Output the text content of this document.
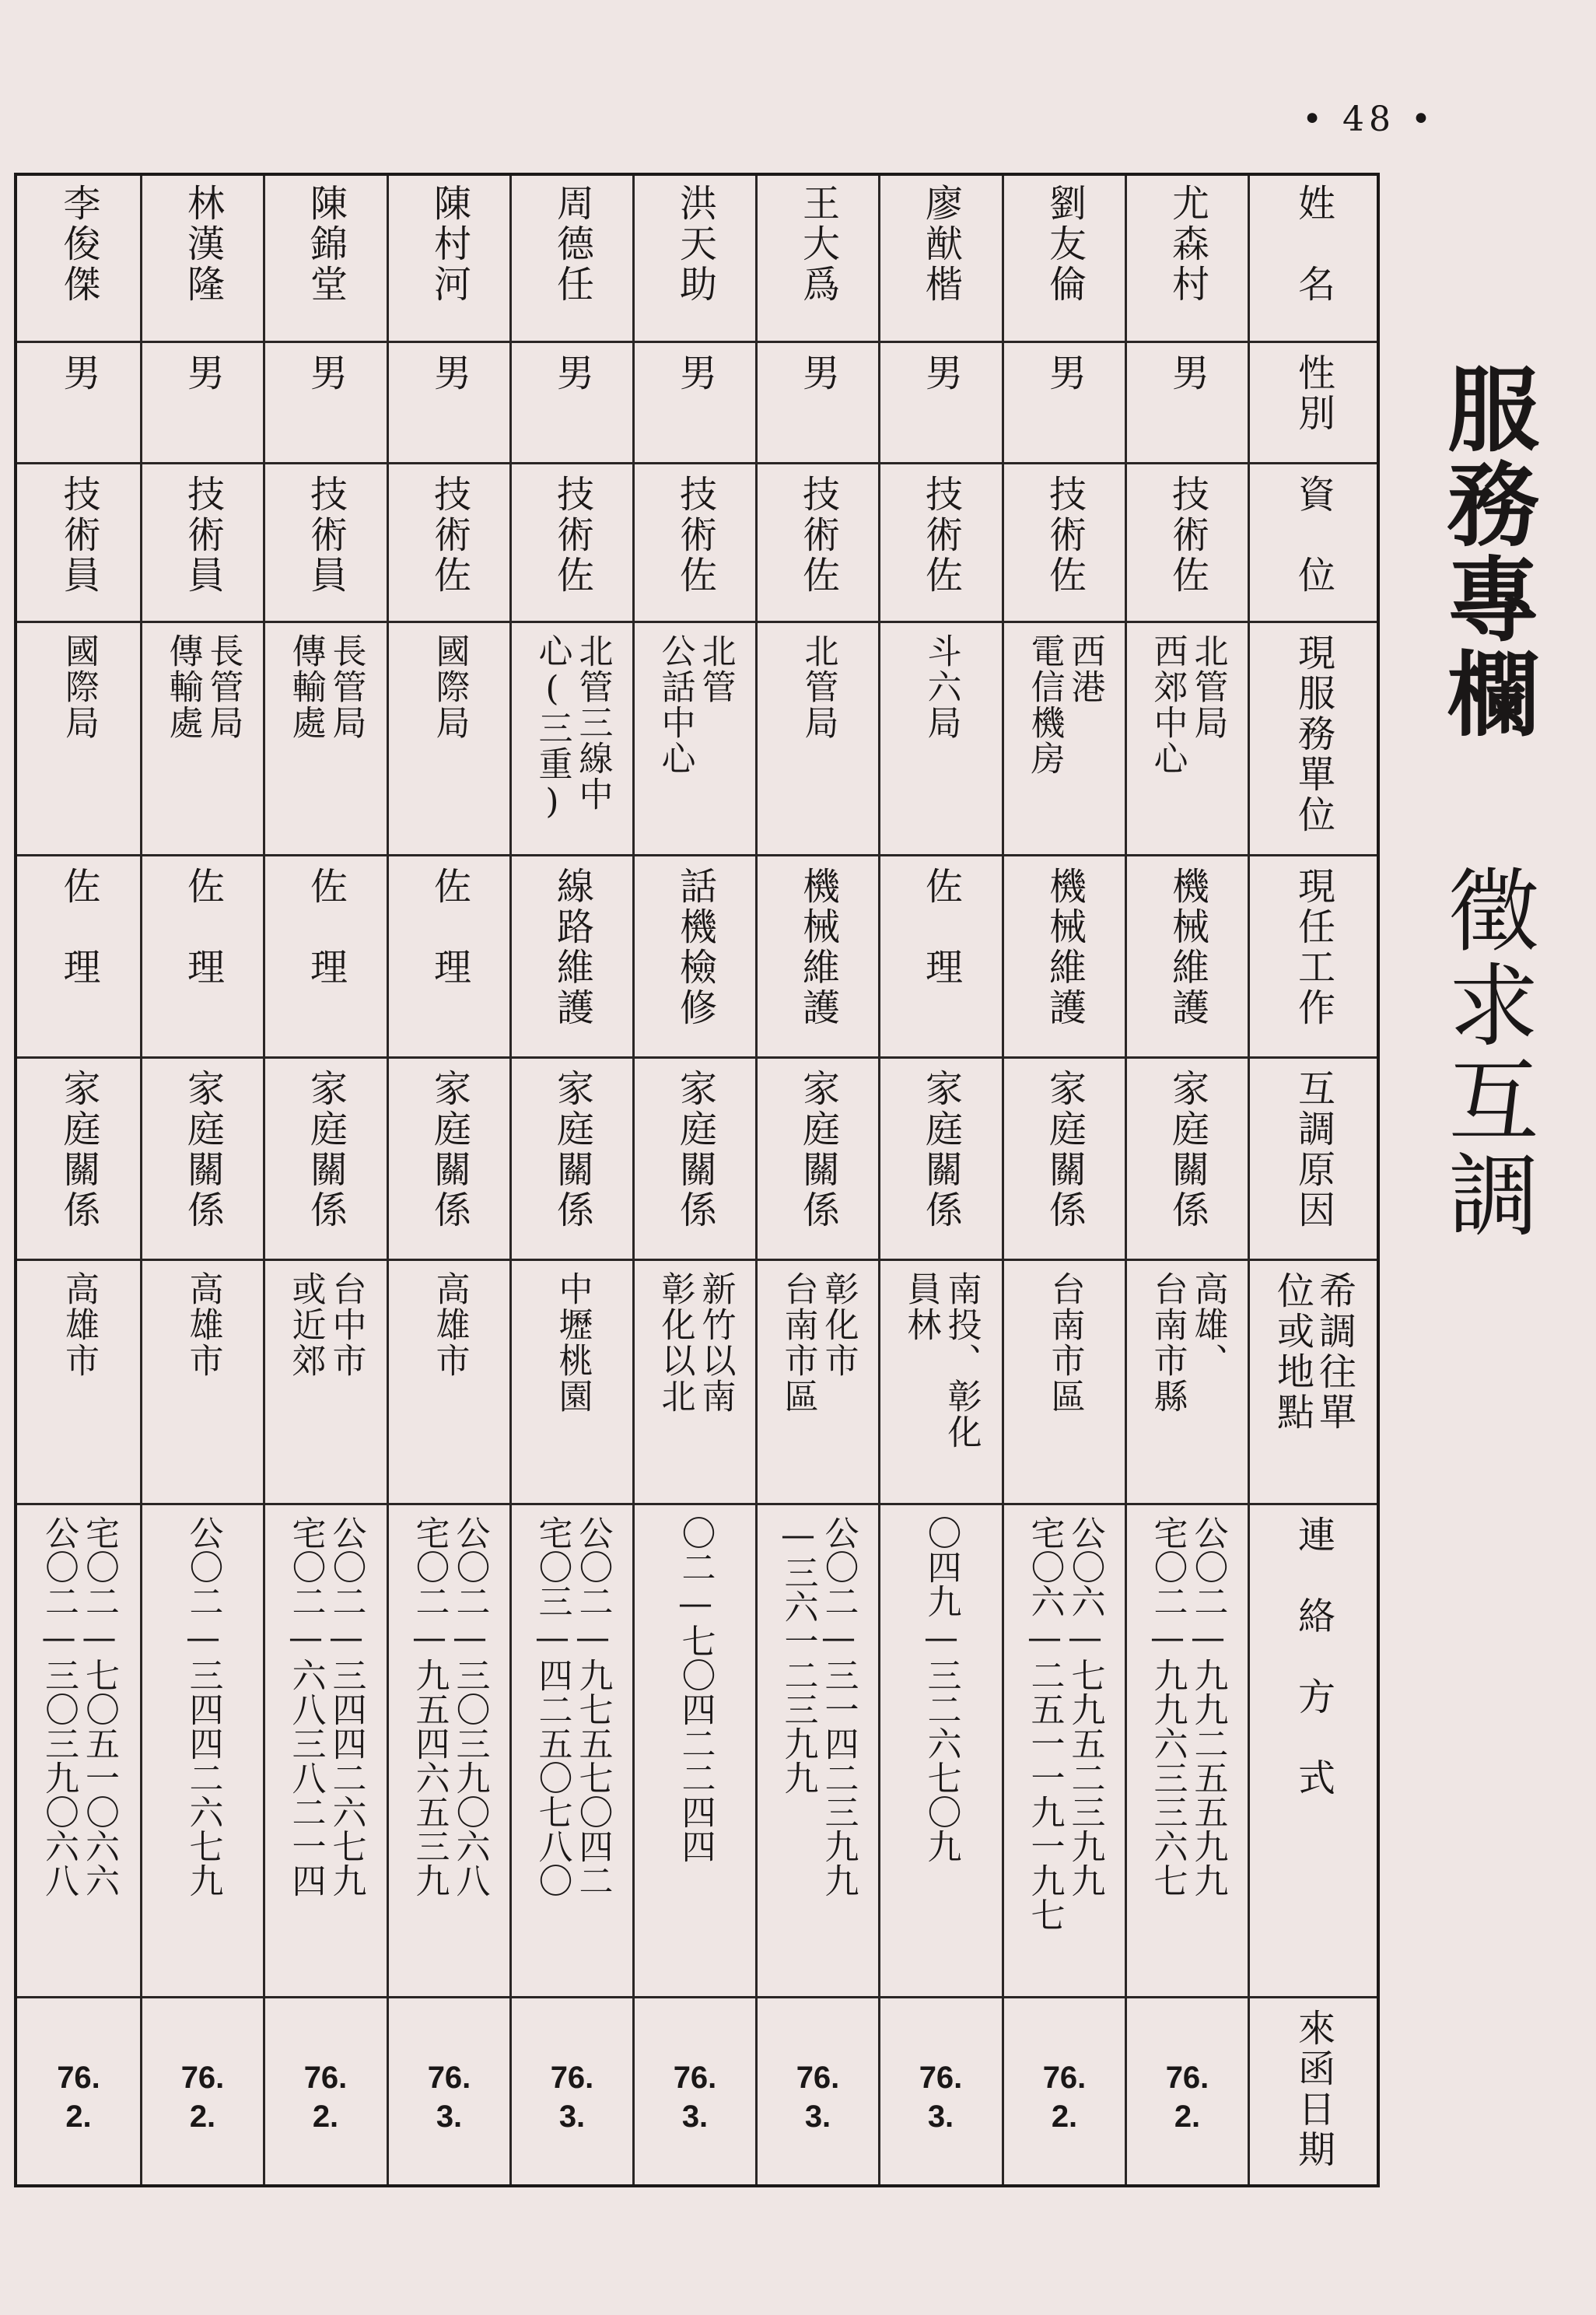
• 48 •
服務專欄
徵求互調
姓　名
性別
資　位
現服務單位
現任工作
互調原因
希調往單
位或地點
連　絡　方　式
來函日期
尤森村
男
技術佐
北管局
西郊中心
機械維護
家庭關係
高雄、
台南市縣
公〇二—九九二五五九九
宅〇二—九九六三三六七
76.
2.
劉友倫
男
技術佐
西港
電信機房
機械維護
家庭關係
台南市區
公〇六—七九五二三九九
宅〇六—二五一一九一九七
76.
2.
廖猷楷
男
技術佐
斗六局
佐　理
家庭關係
南投、彰化
員林
〇四九—三二六七〇九
76.
3.
王大爲
男
技術佐
北管局
機械維護
家庭關係
彰化市
台南市區
公〇二—三一四二三九九
—三六一二三九九
76.
3.
洪天助
男
技術佐
北管
公話中心
話機檢修
家庭關係
新竹以南
彰化以北
〇二—七〇四二二四四
76.
3.
周德任
男
技術佐
北管三線中
心(三重)
線路維護
家庭關係
中壢桃園
公〇二—九七五七〇四二
宅〇三—四二五〇七八〇
76.
3.
陳村河
男
技術佐
國際局
佐　理
家庭關係
高雄市
公〇二—三〇三九〇六八
宅〇二—九五四六五三九
76.
3.
陳錦堂
男
技術員
長管局
傳輸處
佐　理
家庭關係
台中市
或近郊
公〇二—三四四二六七九
宅〇二—六八三八二一四
76.
2.
林漢隆
男
技術員
長管局
傳輸處
佐　理
家庭關係
高雄市
公〇二—三四四二六七九
76.
2.
李俊傑
男
技術員
國際局
佐　理
家庭關係
高雄市
宅〇二—七〇五一〇六六
公〇二—三〇三九〇六八
76.
2.
